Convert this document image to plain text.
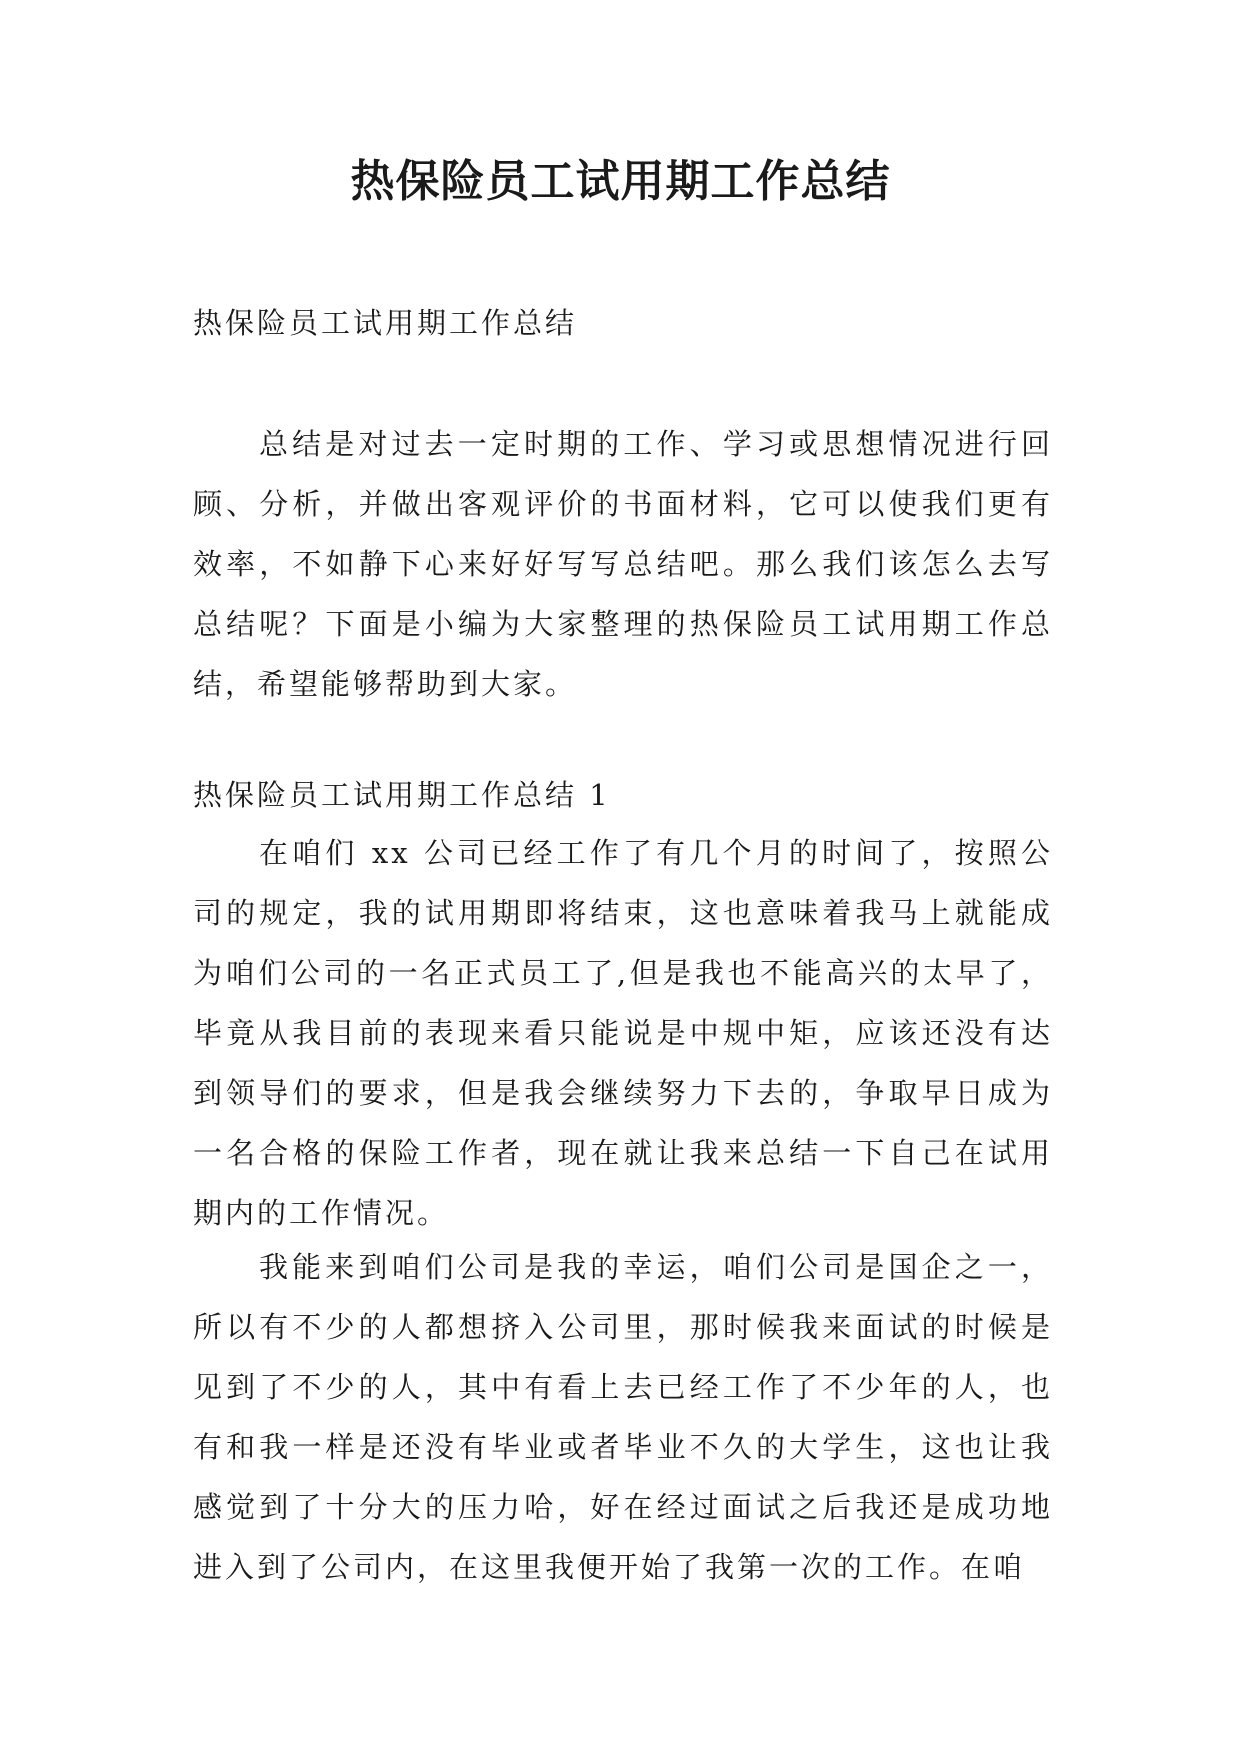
热保险员工试用期工作总结

热保险员工试用期工作总结

总结是对过去一定时期的工作、学习或思想情况进行回顾、分析，并做出客观评价的书面材料，它可以使我们更有效率，不如静下心来好好写写总结吧。那么我们该怎么去写总结呢？下面是小编为大家整理的热保险员工试用期工作总结，希望能够帮助到大家。

热保险员工试用期工作总结 1

在咱们 xx 公司已经工作了有几个月的时间了，按照公司的规定，我的试用期即将结束，这也意味着我马上就能成为咱们公司的一名正式员工了,但是我也不能高兴的太早了，毕竟从我目前的表现来看只能说是中规中矩，应该还没有达到领导们的要求，但是我会继续努力下去的，争取早日成为一名合格的保险工作者，现在就让我来总结一下自己在试用期内的工作情况。

我能来到咱们公司是我的幸运，咱们公司是国企之一，所以有不少的人都想挤入公司里，那时候我来面试的时候是见到了不少的人，其中有看上去已经工作了不少年的人，也有和我一样是还没有毕业或者毕业不久的大学生，这也让我感觉到了十分大的压力哈，好在经过面试之后我还是成功地进入到了公司内，在这里我便开始了我第一次的工作。在咱
